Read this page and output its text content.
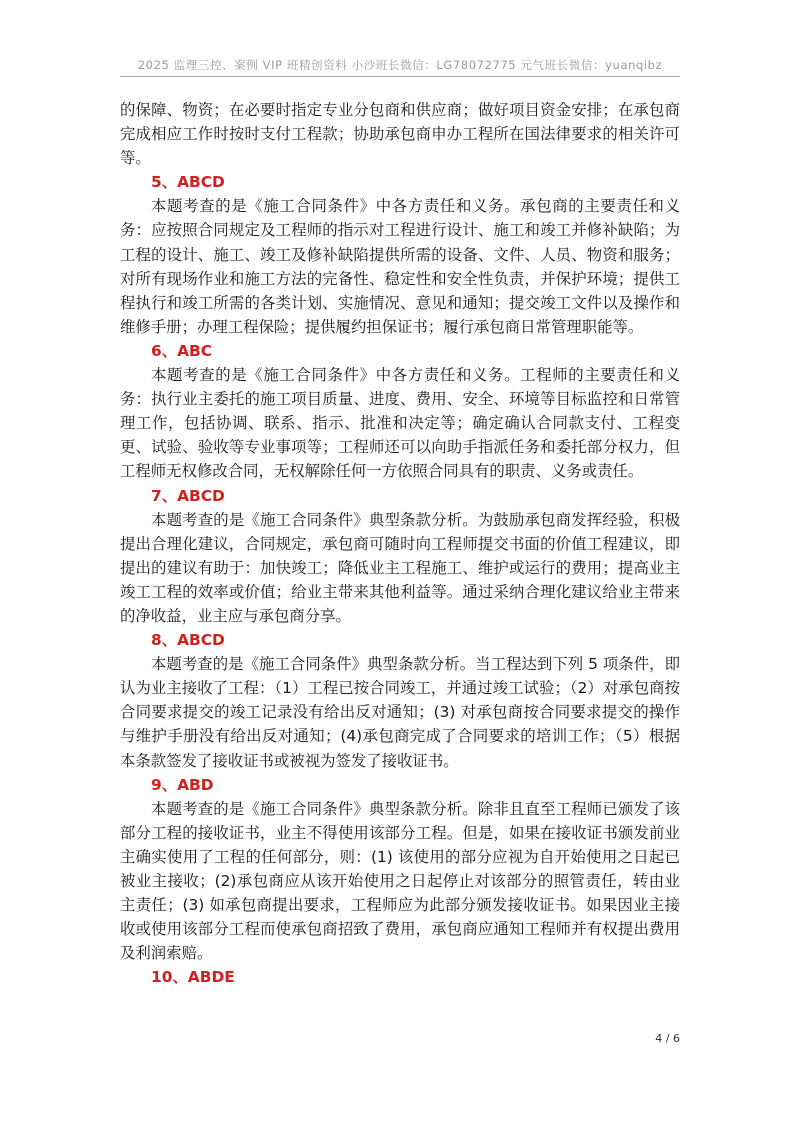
2025 监理三控、案例 VIP 班精创资料 小沙班长微信：LG78072775 元气班长微信：yuanqibz

的保障、物资；在必要时指定专业分包商和供应商；做好项目资金安排；在承包商完成相应工作时按时支付工程款；协助承包商申办工程所在国法律要求的相关许可等。

5、ABCD

本题考查的是《施工合同条件》中各方责任和义务。承包商的主要责任和义务：应按照合同规定及工程师的指示对工程进行设计、施工和竣工并修补缺陷；为工程的设计、施工、竣工及修补缺陷提供所需的设备、文件、人员、物资和服务；对所有现场作业和施工方法的完备性、稳定性和安全性负责，并保护环境；提供工程执行和竣工所需的各类计划、实施情况、意见和通知；提交竣工文件以及操作和维修手册；办理工程保险；提供履约担保证书；履行承包商日常管理职能等。

6、ABC

本题考查的是《施工合同条件》中各方责任和义务。工程师的主要责任和义务：执行业主委托的施工项目质量、进度、费用、安全、环境等目标监控和日常管理工作，包括协调、联系、指示、批准和决定等；确定确认合同款支付、工程变更、试验、验收等专业事项等；工程师还可以向助手指派任务和委托部分权力，但工程师无权修改合同，无权解除任何一方依照合同具有的职责、义务或责任。

7、ABCD

本题考查的是《施工合同条件》典型条款分析。为鼓励承包商发挥经验，积极提出合理化建议，合同规定，承包商可随时向工程师提交书面的价值工程建议，即提出的建议有助于：加快竣工；降低业主工程施工、维护或运行的费用；提高业主竣工工程的效率或价值；给业主带来其他利益等。通过采纳合理化建议给业主带来的净收益，业主应与承包商分享。

8、ABCD

本题考查的是《施工合同条件》典型条款分析。当工程达到下列 5 项条件，即认为业主接收了工程：（1）工程已按合同竣工，并通过竣工试验；（2）对承包商按合同要求提交的竣工记录没有给出反对通知；(3) 对承包商按合同要求提交的操作与维护手册没有给出反对通知；(4)承包商完成了合同要求的培训工作；（5）根据本条款签发了接收证书或被视为签发了接收证书。

9、ABD

本题考查的是《施工合同条件》典型条款分析。除非且直至工程师已颁发了该部分工程的接收证书，业主不得使用该部分工程。但是，如果在接收证书颁发前业主确实使用了工程的任何部分，则：(1) 该使用的部分应视为自开始使用之日起已被业主接收；(2)承包商应从该开始使用之日起停止对该部分的照管责任，转由业主责任；(3) 如承包商提出要求，工程师应为此部分颁发接收证书。如果因业主接收或使用该部分工程而使承包商招致了费用，承包商应通知工程师并有权提出费用及利润索赔。

10、ABDE

4 / 6
